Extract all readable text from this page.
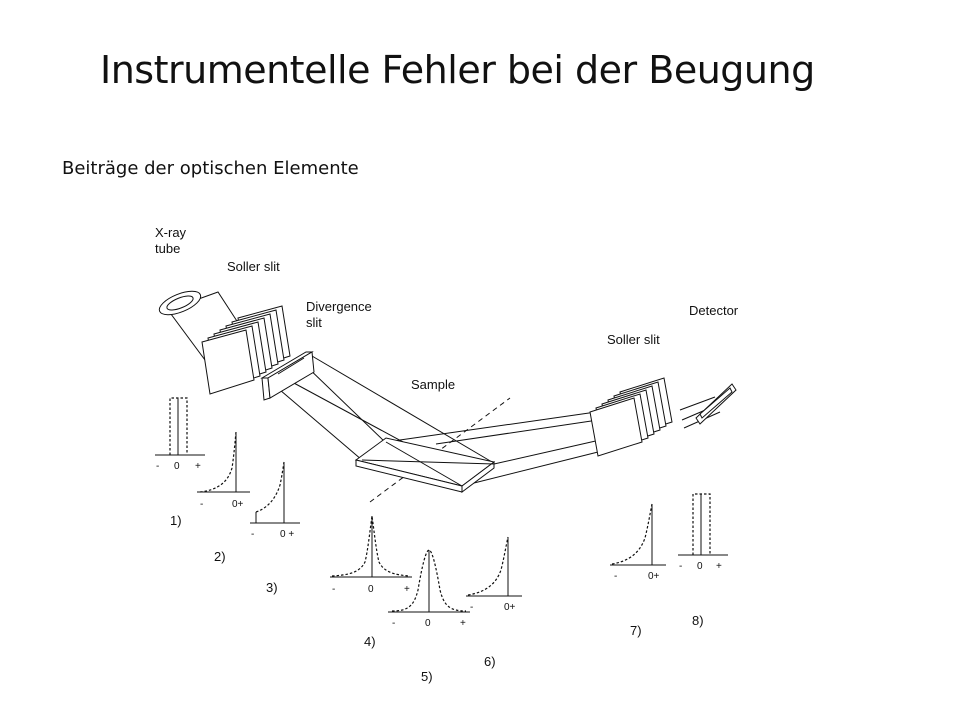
Instrumentelle Fehler bei der Beugung
Beiträge der optischen Elemente
X-ray
tube
Soller slit
Divergence
slit
Sample
Detector
Soller slit
- 0 +
1)
-	0+
2)
-	0 +
3)	-	0	+
4)
-	0	+
5)
-	0+
6)
-	0+
7)
- 0 +
8)
